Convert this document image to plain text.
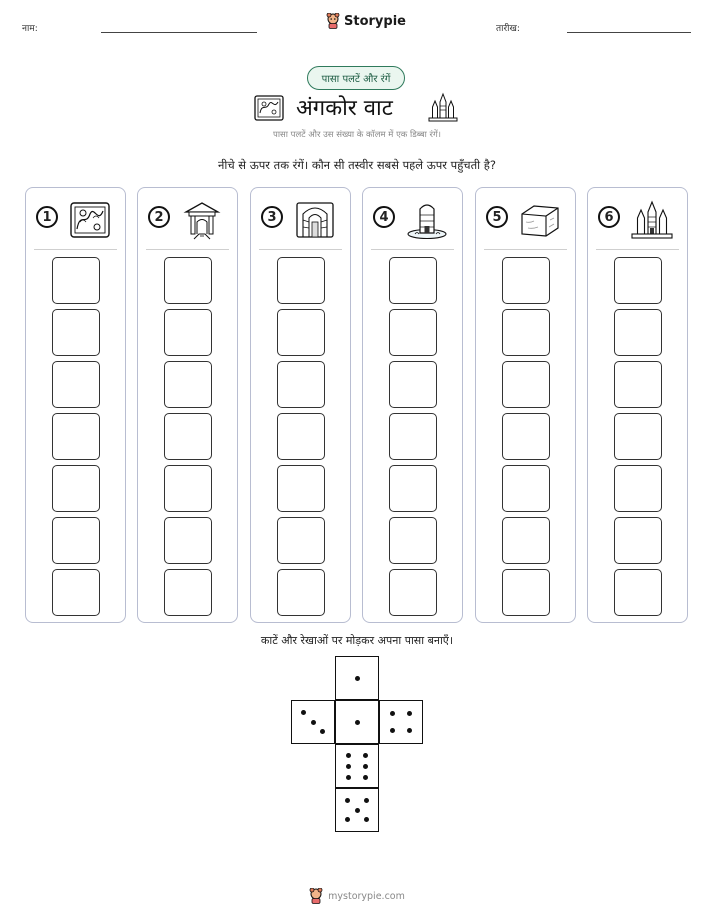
नाम:
Storypie
तारीख:
पासा पलटें और रंगें
अंगकोर वाट
पासा पलटें और उस संख्या के कॉलम में एक डिब्बा रंगें।
नीचे से ऊपर तक रंगें। कौन सी तस्वीर सबसे पहले ऊपर पहुँचती है?
1	2	3	4	5	6
काटें और रेखाओं पर मोड़कर अपना पासा बनाएँ।
mystorypie.com
